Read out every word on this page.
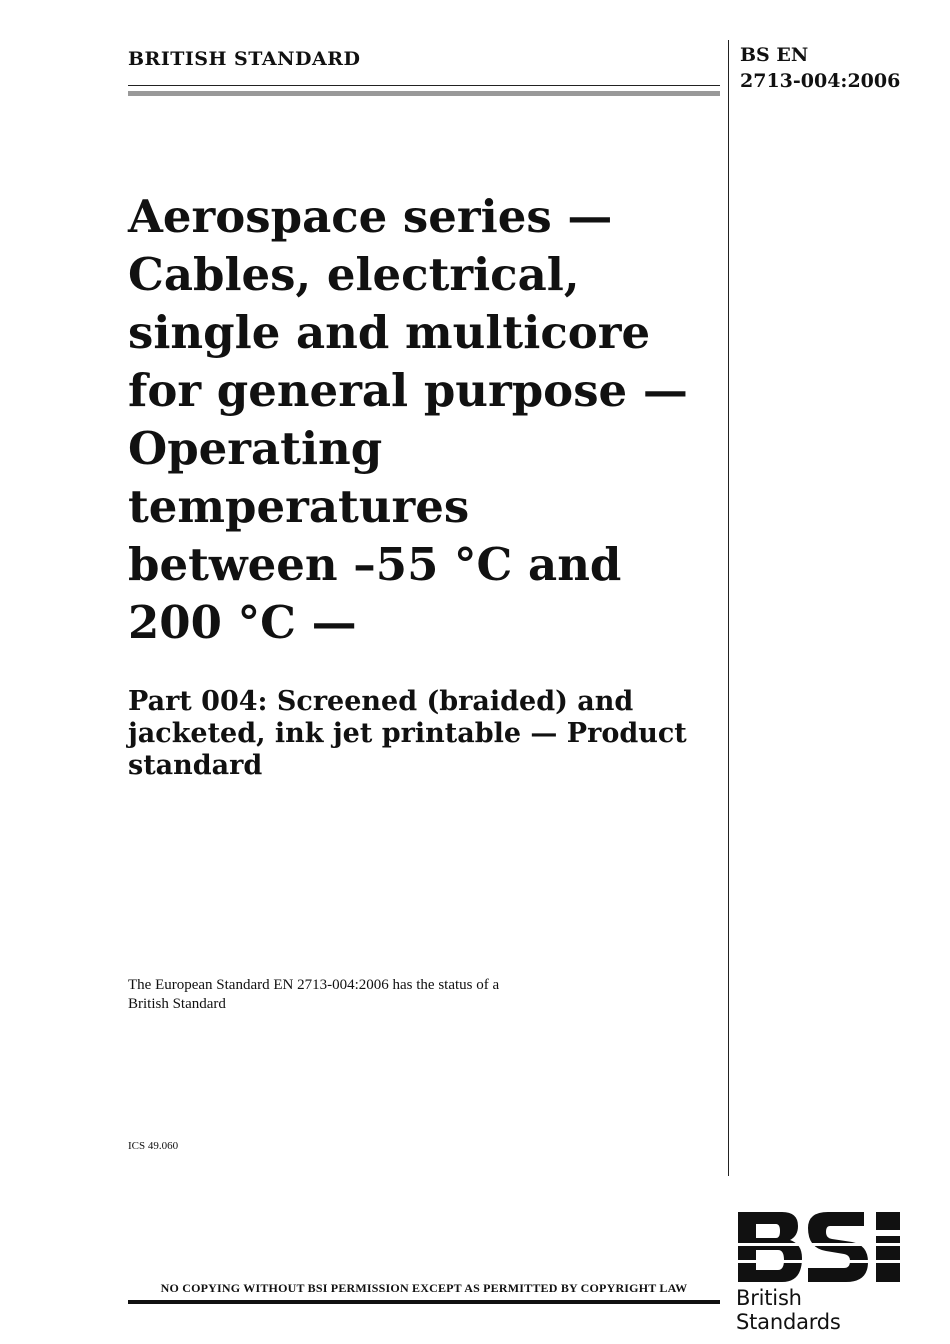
BRITISH STANDARD	BS EN
2713-004:2006
Aerospace series —
Cables, electrical,
single and multicore
for general purpose —
Operating
temperatures
between –55 °C and
200 °C —
Part 004: Screened (braided) and
jacketed, ink jet printable — Product
standard
The European Standard EN 2713-004:2006 has the status of a
British Standard
ICS 49.060
NO COPYING WITHOUT BSI PERMISSION EXCEPT AS PERMITTED BY COPYRIGHT LAW	British Standards
